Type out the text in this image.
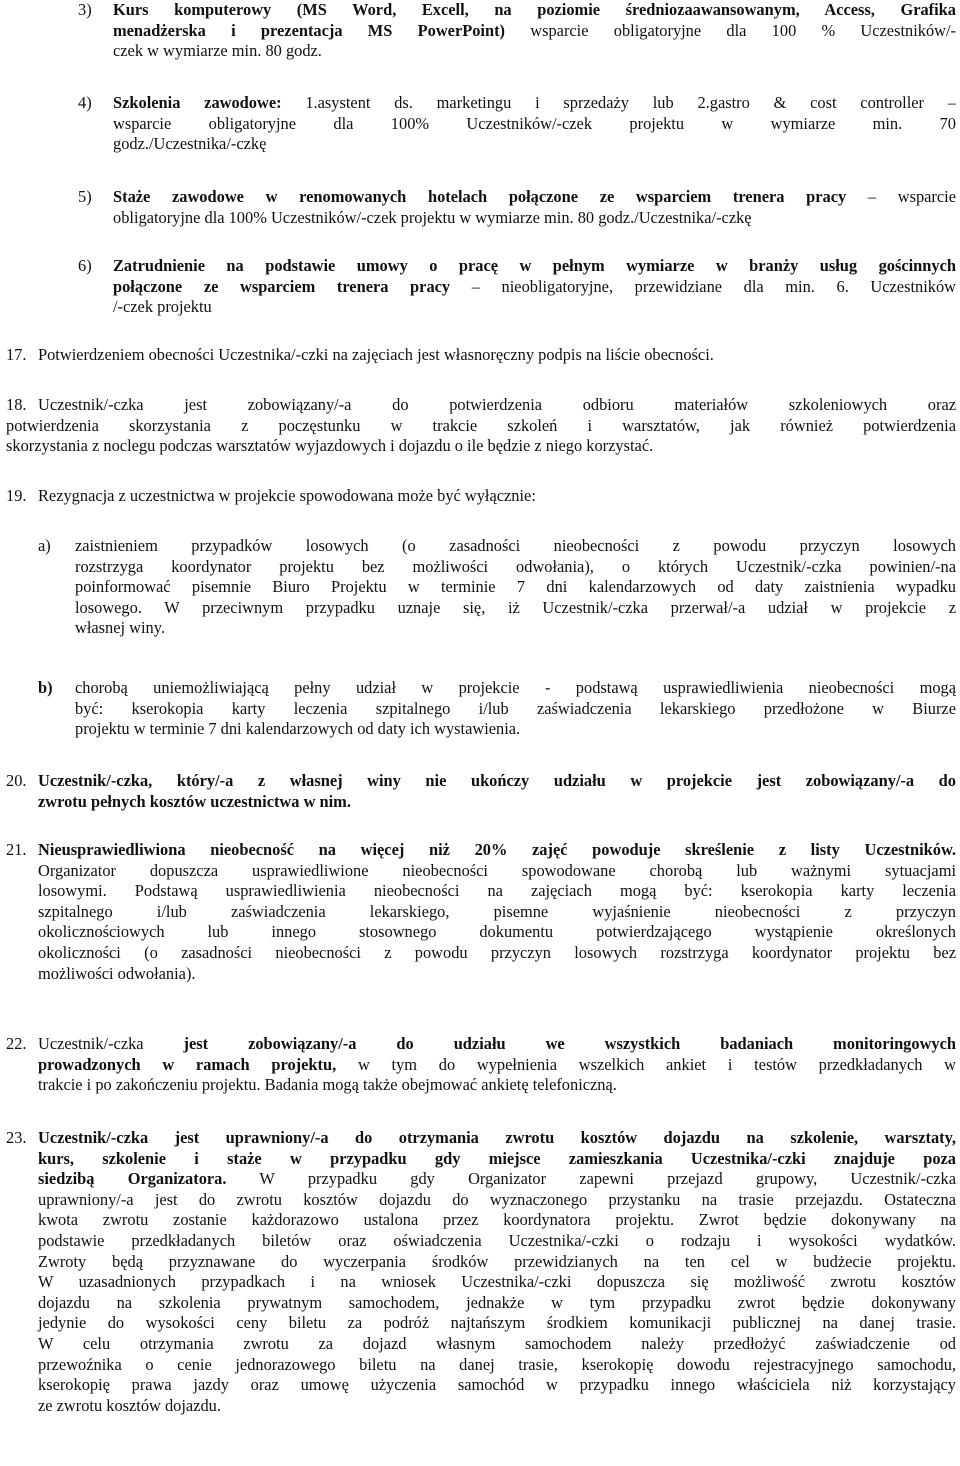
3) Kurs komputerowy (MS Word, Excell, na poziomie średniozaawansowanym, Access, Grafika
menadżerska i prezentacja MS PowerPoint) wsparcie obligatoryjne dla 100 % Uczestników/-
czek w wymiarze min. 80 godz.
4) Szkolenia zawodowe: 1.asystent ds. marketingu i sprzedaży lub 2.gastro & cost controller –
wsparcie obligatoryjne dla 100% Uczestników/-czek projektu w wymiarze min. 70
godz./Uczestnika/-czkę
5) Staże zawodowe w renomowanych hotelach połączone ze wsparciem trenera pracy – wsparcie
obligatoryjne dla 100% Uczestników/-czek projektu w wymiarze min. 80 godz./Uczestnika/-czkę
6) Zatrudnienie na podstawie umowy o pracę w pełnym wymiarze w branży usług gościnnych
połączone ze wsparciem trenera pracy – nieobligatoryjne, przewidziane dla min. 6. Uczestników
/-czek projektu
17. Potwierdzeniem obecności Uczestnika/-czki na zajęciach jest własnoręczny podpis na liście obecności.
18. Uczestnik/-czka jest zobowiązany/-a do potwierdzenia odbioru materiałów szkoleniowych oraz
potwierdzenia skorzystania z poczęstunku w trakcie szkoleń i warsztatów, jak również potwierdzenia
skorzystania z noclegu podczas warsztatów wyjazdowych i dojazdu o ile będzie z niego korzystać.
19. Rezygnacja z uczestnictwa w projekcie spowodowana może być wyłącznie:
a) zaistnieniem przypadków losowych (o zasadności nieobecności z powodu przyczyn losowych
rozstrzyga koordynator projektu bez możliwości odwołania), o których Uczestnik/-czka powinien/-na
poinformować pisemnie Biuro Projektu w terminie 7 dni kalendarzowych od daty zaistnienia wypadku
losowego. W przeciwnym przypadku uznaje się, iż Uczestnik/-czka przerwał/-a udział w projekcie z
własnej winy.
b) chorobą uniemożliwiającą pełny udział w projekcie - podstawą usprawiedliwienia nieobecności mogą
być: kserokopia karty leczenia szpitalnego i/lub zaświadczenia lekarskiego przedłożone w Biurze
projektu w terminie 7 dni kalendarzowych od daty ich wystawienia.
20. Uczestnik/-czka, który/-a z własnej winy nie ukończy udziału w projekcie jest zobowiązany/-a do
zwrotu pełnych kosztów uczestnictwa w nim.
21. Nieusprawiedliwiona nieobecność na więcej niż 20% zajęć powoduje skreślenie z listy Uczestników.
Organizator dopuszcza usprawiedliwione nieobecności spowodowane chorobą lub ważnymi sytuacjami
losowymi. Podstawą usprawiedliwienia nieobecności na zajęciach mogą być: kserokopia karty leczenia
szpitalnego i/lub zaświadczenia lekarskiego, pisemne wyjaśnienie nieobecności z przyczyn
okolicznościowych lub innego stosownego dokumentu potwierdzającego wystąpienie określonych
okoliczności (o zasadności nieobecności z powodu przyczyn losowych rozstrzyga koordynator projektu bez
możliwości odwołania).
22. Uczestnik/-czka jest zobowiązany/-a do udziału we wszystkich badaniach monitoringowych
prowadzonych w ramach projektu, w tym do wypełnienia wszelkich ankiet i testów przedkładanych w
trakcie i po zakończeniu projektu. Badania mogą także obejmować ankietę telefoniczną.
23. Uczestnik/-czka jest uprawniony/-a do otrzymania zwrotu kosztów dojazdu na szkolenie, warsztaty,
kurs, szkolenie i staże w przypadku gdy miejsce zamieszkania Uczestnika/-czki znajduje poza
siedzibą Organizatora. W przypadku gdy Organizator zapewni przejazd grupowy, Uczestnik/-czka
uprawniony/-a jest do zwrotu kosztów dojazdu do wyznaczonego przystanku na trasie przejazdu. Ostateczna
kwota zwrotu zostanie każdorazowo ustalona przez koordynatora projektu. Zwrot będzie dokonywany na
podstawie przedkładanych biletów oraz oświadczenia Uczestnika/-czki o rodzaju i wysokości wydatków.
Zwroty będą przyznawane do wyczerpania środków przewidzianych na ten cel w budżecie projektu.
W uzasadnionych przypadkach i na wniosek Uczestnika/-czki dopuszcza się możliwość zwrotu kosztów
dojazdu na szkolenia prywatnym samochodem, jednakże w tym przypadku zwrot będzie dokonywany
jedynie do wysokości ceny biletu za podróż najtańszym środkiem komunikacji publicznej na danej trasie.
W celu otrzymania zwrotu za dojazd własnym samochodem należy przedłożyć zaświadczenie od
przewoźnika o cenie jednorazowego biletu na danej trasie, kserokopię dowodu rejestracyjnego samochodu,
kserokopię prawa jazdy oraz umowę użyczenia samochód w przypadku innego właściciela niż korzystający
ze zwrotu kosztów dojazdu.
